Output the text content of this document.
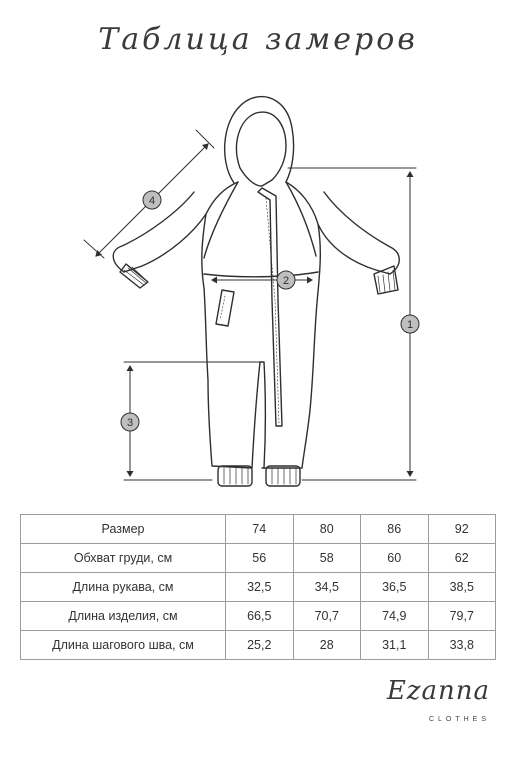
Таблица замеров
1
2
3
4
Размер	74	80	86	92
Обхват груди, см	56	58	60	62
Длина рукава, см	32,5	34,5	36,5	38,5
Длина изделия, см	66,5	70,7	74,9	79,7
Длина шагового шва, см	25,2	28	31,1	33,8
Ezanna
CLOTHES
